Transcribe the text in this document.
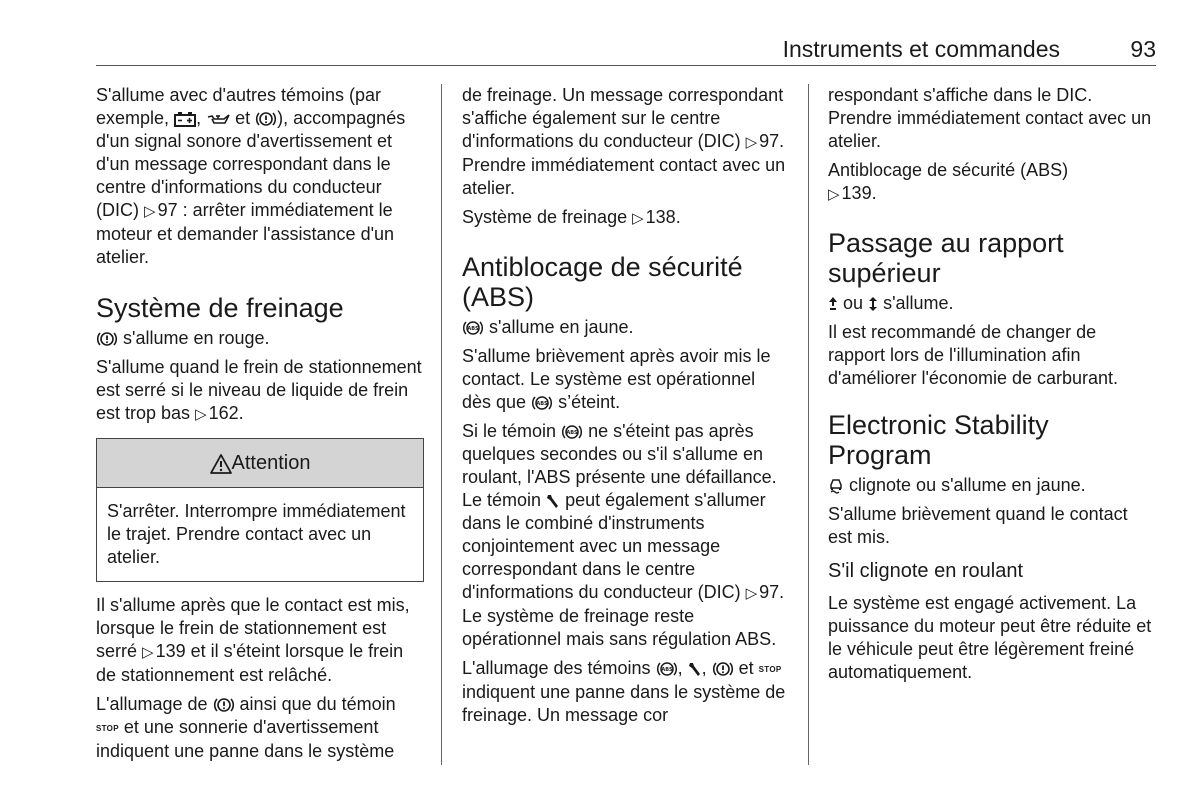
Instruments et commandes	93

S'allume avec d'autres témoins (par exemple, , et ), accompagnés d'un signal sonore d'avertissement et d'un message correspondant dans le centre d'informations du conducteur (DIC) ▷ 97 : arrêter immédiatement le moteur et demander l'assistance d'un atelier.

Système de freinage

s'allume en rouge.

S'allume quand le frein de stationnement est serré si le niveau de liquide de frein est trop bas ▷ 162.

Attention
S'arrêter. Interrompre immédiatement le trajet. Prendre contact avec un atelier.

Il s'allume après que le contact est mis, lorsque le frein de stationnement est serré ▷ 139 et il s'éteint lorsque le frein de stationnement est relâché.

L'allumage de ainsi que du témoin STOP et une sonnerie d'avertissement indiquent une panne dans le système

de freinage. Un message correspondant s'affiche également sur le centre d'informations du conducteur (DIC) ▷ 97. Prendre immédiatement contact avec un atelier.

Système de freinage ▷ 138.

Antiblocage de sécurité (ABS)

ABS s'allume en jaune.

S'allume brièvement après avoir mis le contact. Le système est opérationnel dès que ABS s’éteint.

Si le témoin ABS ne s'éteint pas après quelques secondes ou s'il s'allume en roulant, l'ABS présente une défaillance. Le témoin peut également s'allumer dans le combiné d'instruments conjointement avec un message correspondant dans le centre d'informations du conducteur (DIC) ▷ 97. Le système de freinage reste opérationnel mais sans régulation ABS.

L'allumage des témoins ABS , , et STOP indiquent une panne dans le système de freinage. Un message cor

respondant s'affiche dans le DIC. Prendre immédiatement contact avec un atelier.

Antiblocage de sécurité (ABS)
▷ 139.

Passage au rapport supérieur

ou s'allume.

Il est recommandé de changer de rapport lors de l'illumination afin d'améliorer l'économie de carburant.

Electronic Stability Program

clignote ou s'allume en jaune.

S'allume brièvement quand le contact est mis.

S'il clignote en roulant

Le système est engagé activement. La puissance du moteur peut être réduite et le véhicule peut être légèrement freiné automatiquement.
